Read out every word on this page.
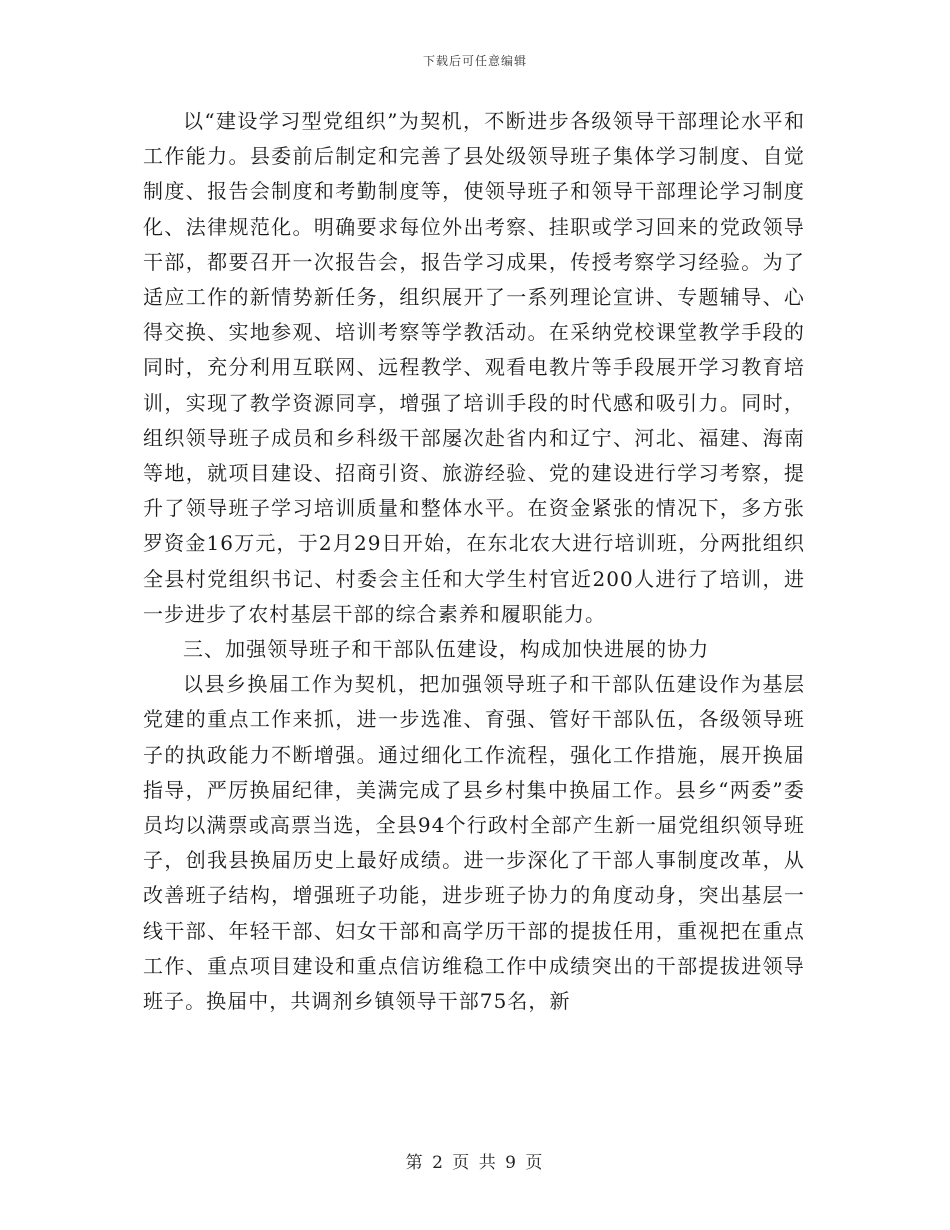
下载后可任意编辑

以“建设学习型党组织”为契机，不断进步各级领导干部理论水平和工作能力。县委前后制定和完善了县处级领导班子集体学习制度、自觉制度、报告会制度和考勤制度等，使领导班子和领导干部理论学习制度化、法律规范化。明确要求每位外出考察、挂职或学习回来的党政领导干部，都要召开一次报告会，报告学习成果，传授考察学习经验。为了适应工作的新情势新任务，组织展开了一系列理论宣讲、专题辅导、心得交换、实地参观、培训考察等学教活动。在采纳党校课堂教学手段的同时，充分利用互联网、远程教学、观看电教片等手段展开学习教育培训，实现了教学资源同享，增强了培训手段的时代感和吸引力。同时，组织领导班子成员和乡科级干部屡次赴省内和辽宁、河北、福建、海南等地，就项目建设、招商引资、旅游经验、党的建设进行学习考察，提升了领导班子学习培训质量和整体水平。在资金紧张的情况下，多方张罗资金16万元，于2月29日开始，在东北农大进行培训班，分两批组织全县村党组织书记、村委会主任和大学生村官近200人进行了培训，进一步进步了农村基层干部的综合素养和履职能力。

三、加强领导班子和干部队伍建设，构成加快进展的协力

以县乡换届工作为契机，把加强领导班子和干部队伍建设作为基层党建的重点工作来抓，进一步选准、育强、管好干部队伍，各级领导班子的执政能力不断增强。通过细化工作流程，强化工作措施，展开换届指导，严厉换届纪律，美满完成了县乡村集中换届工作。县乡“两委”委员均以满票或高票当选，全县94个行政村全部产生新一届党组织领导班子，创我县换届历史上最好成绩。进一步深化了干部人事制度改革，从改善班子结构，增强班子功能，进步班子协力的角度动身，突出基层一线干部、年轻干部、妇女干部和高学历干部的提拔任用，重视把在重点工作、重点项目建设和重点信访维稳工作中成绩突出的干部提拔进领导班子。换届中，共调剂乡镇领导干部75名，新

第 2 页 共 9 页
